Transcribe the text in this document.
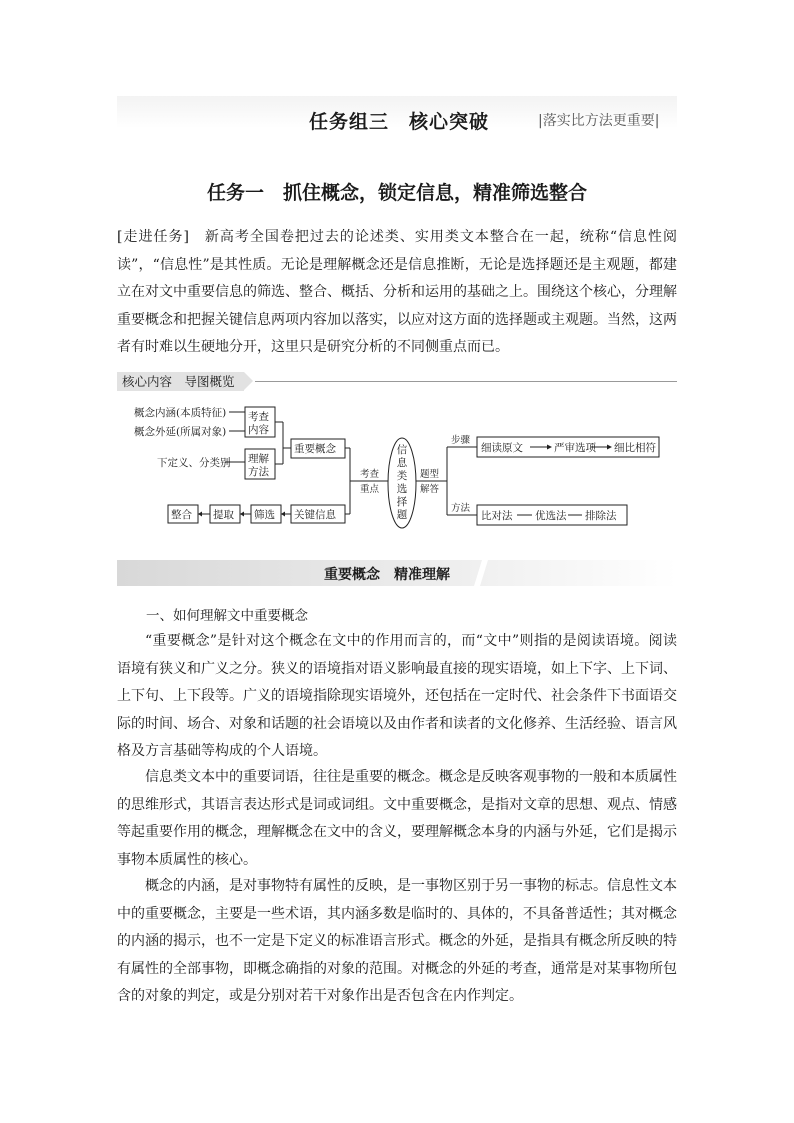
任务组三　核心突破	|落实比方法更重要|
任务一　抓住概念，锁定信息，精准筛选整合

[走进任务]　新高考全国卷把过去的论述类、实用类文本整合在一起，统称“信息性阅读”，“信息性”是其性质。无论是理解概念还是信息推断，无论是选择题还是主观题，都建立在对文中重要信息的筛选、整合、概括、分析和运用的基础之上。围绕这个核心，分理解重要概念和把握关键信息两项内容加以落实，以应对这方面的选择题或主观题。当然，这两者有时难以生硬地分开，这里只是研究分析的不同侧重点而已。

核心内容　导图概览
概念内涵(本质特征)
概念外延(所属对象)
下定义、分类别
考查
内容
理解
方法
重要概念
关键信息
筛选
提取
整合
细读原文	严审选项 细比相符
比对法 优选法 排除法
考查
重点
题型
解答
步骤
方法
信
息
类
选
择
题
重要概念　精准理解

一、如何理解文中重要概念

“重要概念”是针对这个概念在文中的作用而言的，而“文中”则指的是阅读语境。阅读语境有狭义和广义之分。狭义的语境指对语义影响最直接的现实语境，如上下字、上下词、上下句、上下段等。广义的语境指除现实语境外，还包括在一定时代、社会条件下书面语交际的时间、场合、对象和话题的社会语境以及由作者和读者的文化修养、生活经验、语言风格及方言基础等构成的个人语境。

信息类文本中的重要词语，往往是重要的概念。概念是反映客观事物的一般和本质属性的思维形式，其语言表达形式是词或词组。文中重要概念，是指对文章的思想、观点、情感等起重要作用的概念，理解概念在文中的含义，要理解概念本身的内涵与外延，它们是揭示事物本质属性的核心。

概念的内涵，是对事物特有属性的反映，是一事物区别于另一事物的标志。信息性文本中的重要概念，主要是一些术语，其内涵多数是临时的、具体的，不具备普适性；其对概念的内涵的揭示，也不一定是下定义的标准语言形式。概念的外延，是指具有概念所反映的特有属性的全部事物，即概念确指的对象的范围。对概念的外延的考查，通常是对某事物所包含的对象的判定，或是分别对若干对象作出是否包含在内作判定。
